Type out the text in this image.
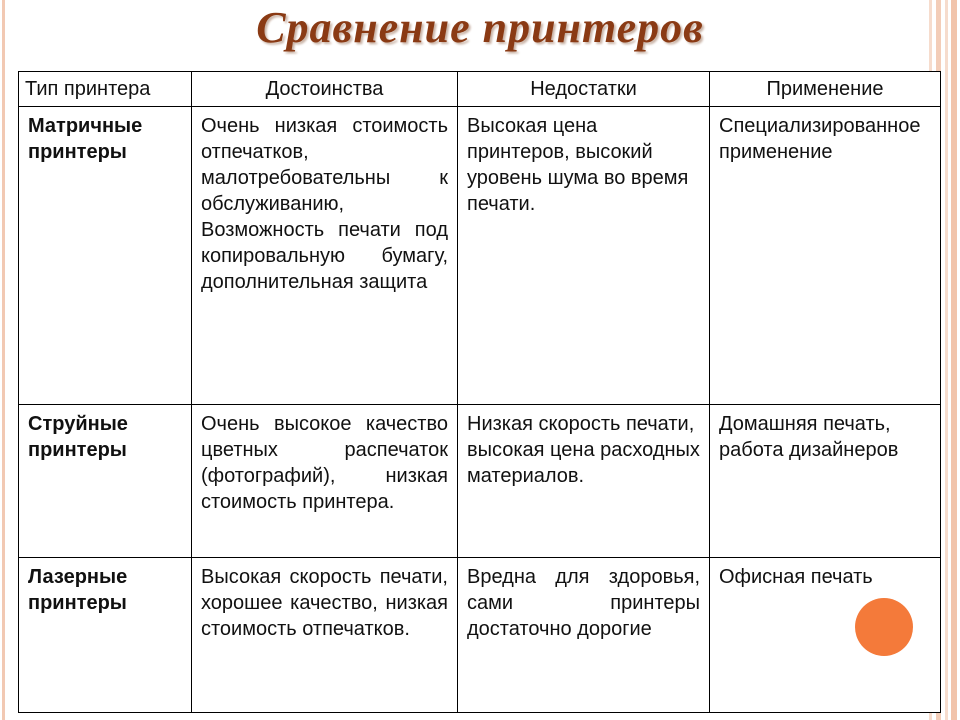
Сравнение принтеров
Тип принтера	Достоинства	Недостатки	Применение
Матричные принтеры	Очень низкая стоимость отпечатков, малотребовательны к обслуживанию, Возможность печати под копировальную бумагу, дополнительная защита	Высокая цена принтеров, высокий уровень шума во время печати.	Специализированное применение
Струйные принтеры	Очень высокое качество цветных распечаток (фотографий), низкая стоимость принтера.	Низкая скорость печати, высокая цена расходных материалов.	Домашняя печать, работа дизайнеров
Лазерные принтеры	Высокая скорость печати, хорошее качество, низкая стоимость отпечатков.	Вредна для здоровья, сами принтеры достаточно дорогие	Офисная печать
